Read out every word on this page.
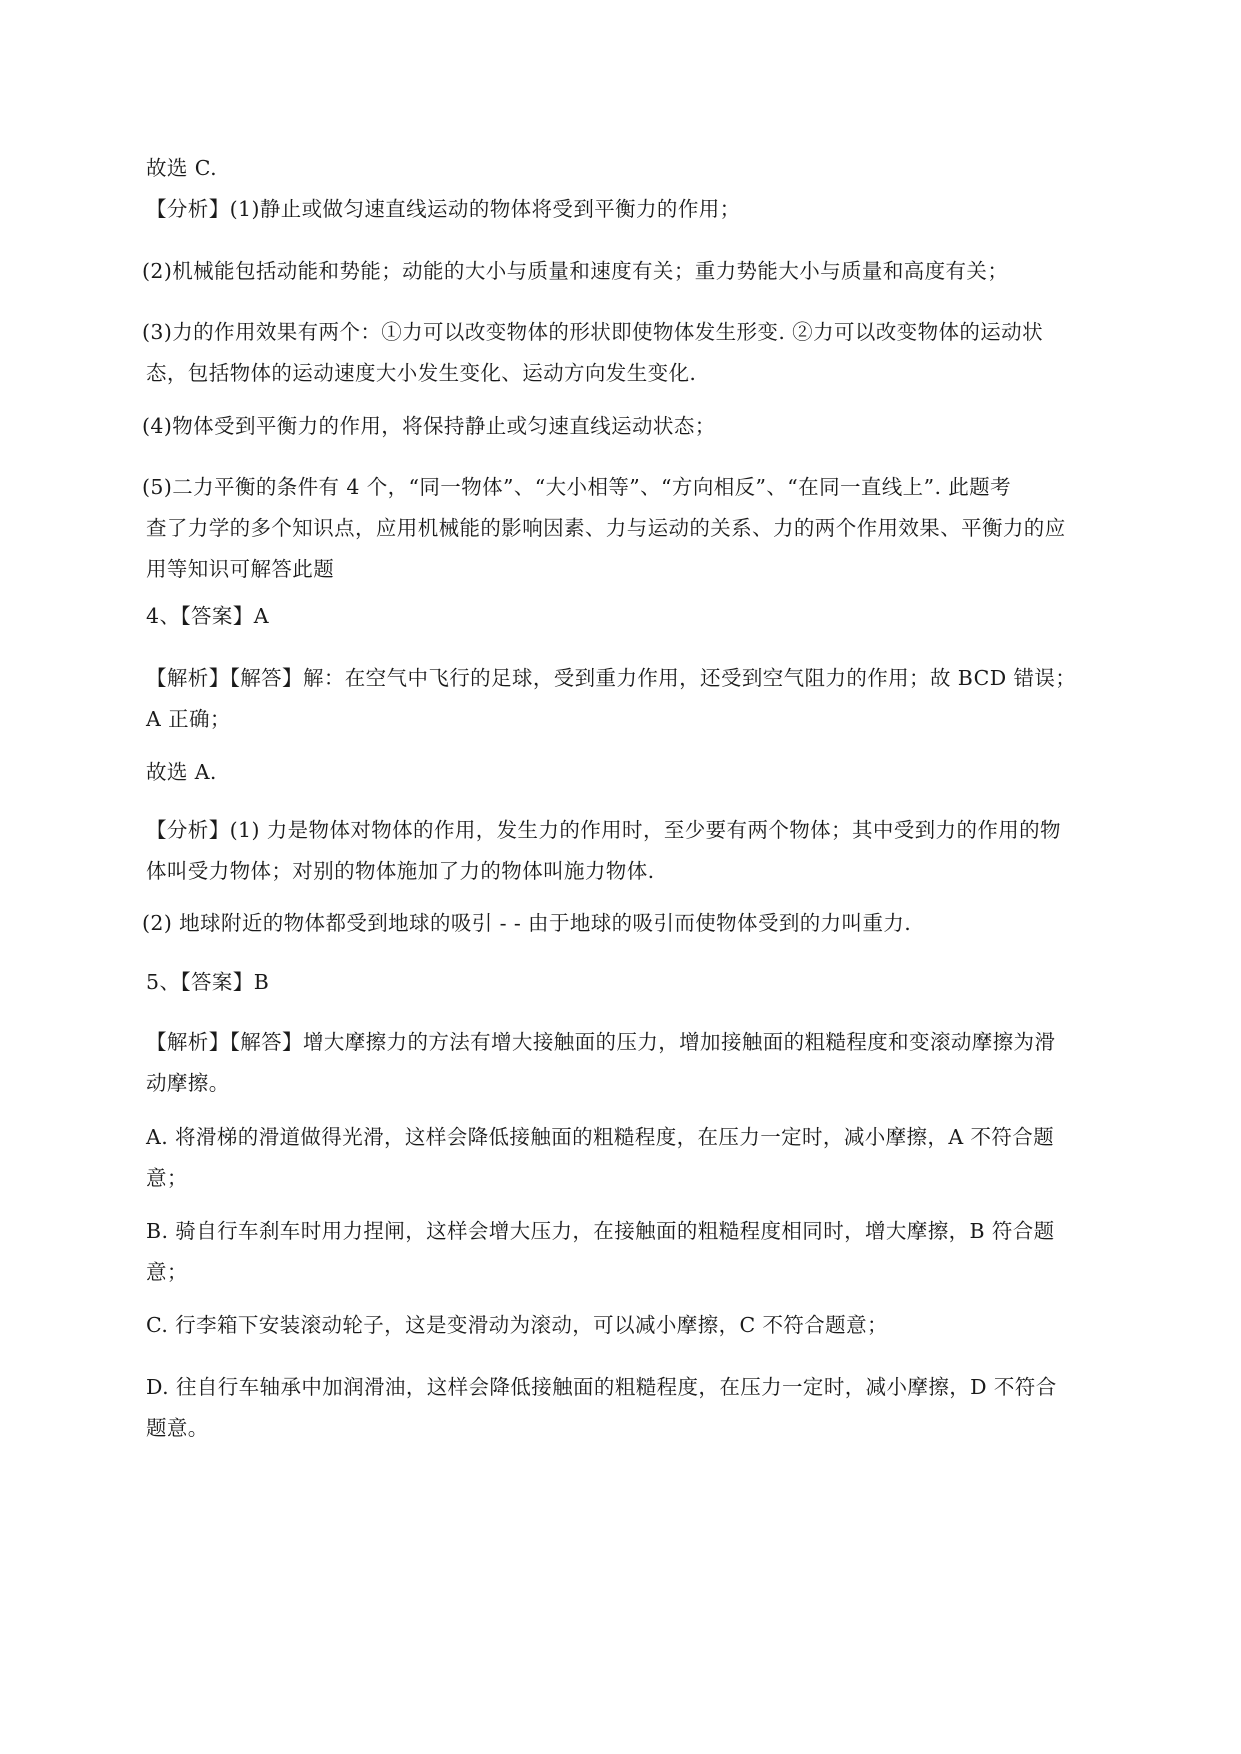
故选 C.

【分析】(1)静止或做匀速直线运动的物体将受到平衡力的作用；

(2)机械能包括动能和势能；动能的大小与质量和速度有关；重力势能大小与质量和高度有关；

(3)力的作用效果有两个：①力可以改变物体的形状即使物体发生形变. ②力可以改变物体的运动状
态，包括物体的运动速度大小发生变化、运动方向发生变化.

(4)物体受到平衡力的作用，将保持静止或匀速直线运动状态；

(5)二力平衡的条件有 4 个，“同一物体”、“大小相等”、“方向相反”、“在同一直线上”. 此题考
查了力学的多个知识点，应用机械能的影响因素、力与运动的关系、力的两个作用效果、平衡力的应
用等知识可解答此题

4、【答案】A

【解析】【解答】解：在空气中飞行的足球，受到重力作用，还受到空气阻力的作用；故 BCD 错误；
A 正确；

故选 A.

【分析】(1) 力是物体对物体的作用，发生力的作用时，至少要有两个物体；其中受到力的作用的物
体叫受力物体；对别的物体施加了力的物体叫施力物体.

(2) 地球附近的物体都受到地球的吸引 - - 由于地球的吸引而使物体受到的力叫重力.

5、【答案】B

【解析】【解答】增大摩擦力的方法有增大接触面的压力，增加接触面的粗糙程度和变滚动摩擦为滑
动摩擦。

A. 将滑梯的滑道做得光滑，这样会降低接触面的粗糙程度，在压力一定时，减小摩擦，A 不符合题
意；

B. 骑自行车刹车时用力捏闸，这样会增大压力，在接触面的粗糙程度相同时，增大摩擦，B 符合题
意；

C. 行李箱下安装滚动轮子，这是变滑动为滚动，可以减小摩擦，C 不符合题意；

D. 往自行车轴承中加润滑油，这样会降低接触面的粗糙程度，在压力一定时，减小摩擦，D 不符合
题意。
